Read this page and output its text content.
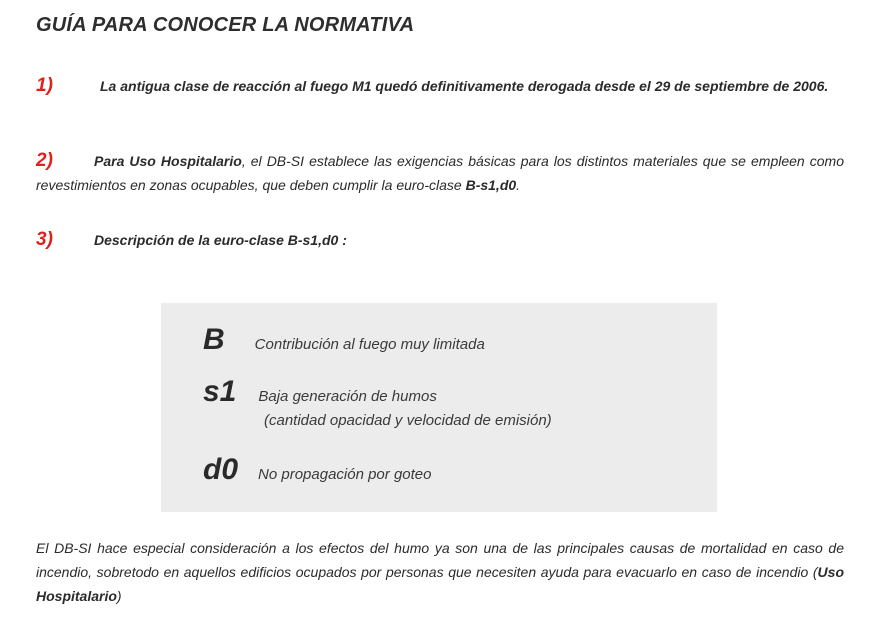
GUÍA PARA CONOCER LA NORMATIVA
1)	La antigua clase de reacción al fuego M1 quedó definitivamente derogada desde el 29 de septiembre de 2006.
2)	Para Uso Hospitalario, el DB-SI establece las exigencias básicas para los distintos materiales que se empleen como revestimientos en zonas ocupables, que deben cumplir la euro-clase B-s1,d0.
3)	Descripción de la euro-clase B-s1,d0 :
B Contribución al fuego muy limitada
s1 Baja generación de humos
(cantidad opacidad y velocidad de emisión)
d0 No propagación por goteo
El DB-SI hace especial consideración a los efectos del humo ya son una de las principales causas de mortalidad en caso de incendio, sobretodo en aquellos edificios ocupados por personas que necesiten ayuda para evacuarlo en caso de incendio (Uso Hospitalario)
